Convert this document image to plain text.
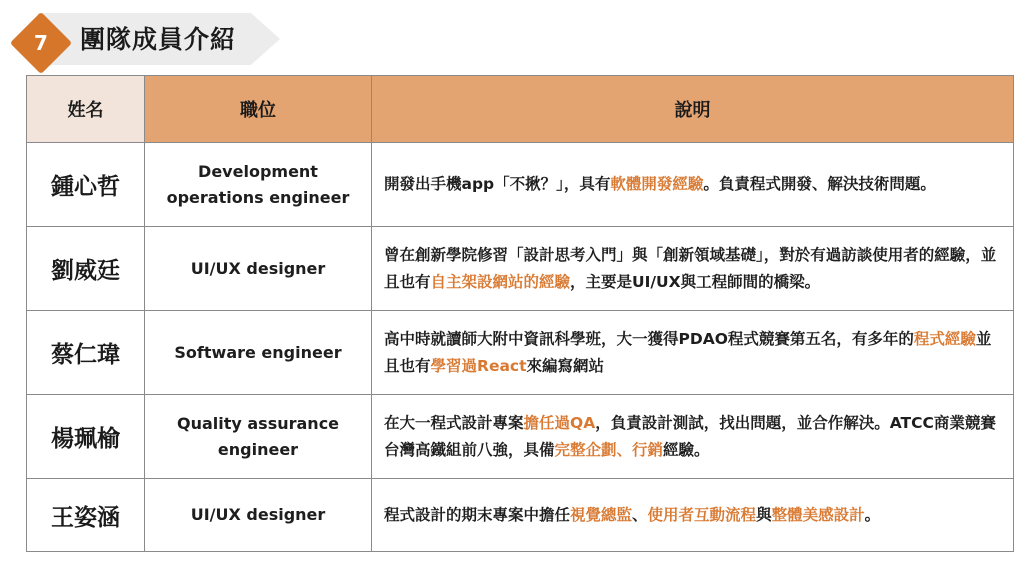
7	團隊成員介紹
姓名	職位	說明
鍾心哲	Development operations engineer	開發出手機app「不揪？」，具有軟體開發經驗。負責程式開發、解決技術問題。
劉威廷	UI/UX designer	曾在創新學院修習「設計思考入門」與「創新領域基礎」，對於有過訪談使用者的經驗，並且也有自主架設網站的經驗，主要是UI/UX與工程師間的橋梁。
蔡仁瑋	Software engineer	高中時就讀師大附中資訊科學班，大一獲得PDAO程式競賽第五名，有多年的程式經驗並且也有學習過React來編寫網站
楊珮榆	Quality assurance engineer	在大一程式設計專案擔任過QA，負責設計測試，找出問題，並合作解決。ATCC商業競賽台灣高鐵組前八強，具備完整企劃、行銷經驗。
王姿涵	UI/UX designer	程式設計的期末專案中擔任視覺總監、使用者互動流程與整體美感設計。
